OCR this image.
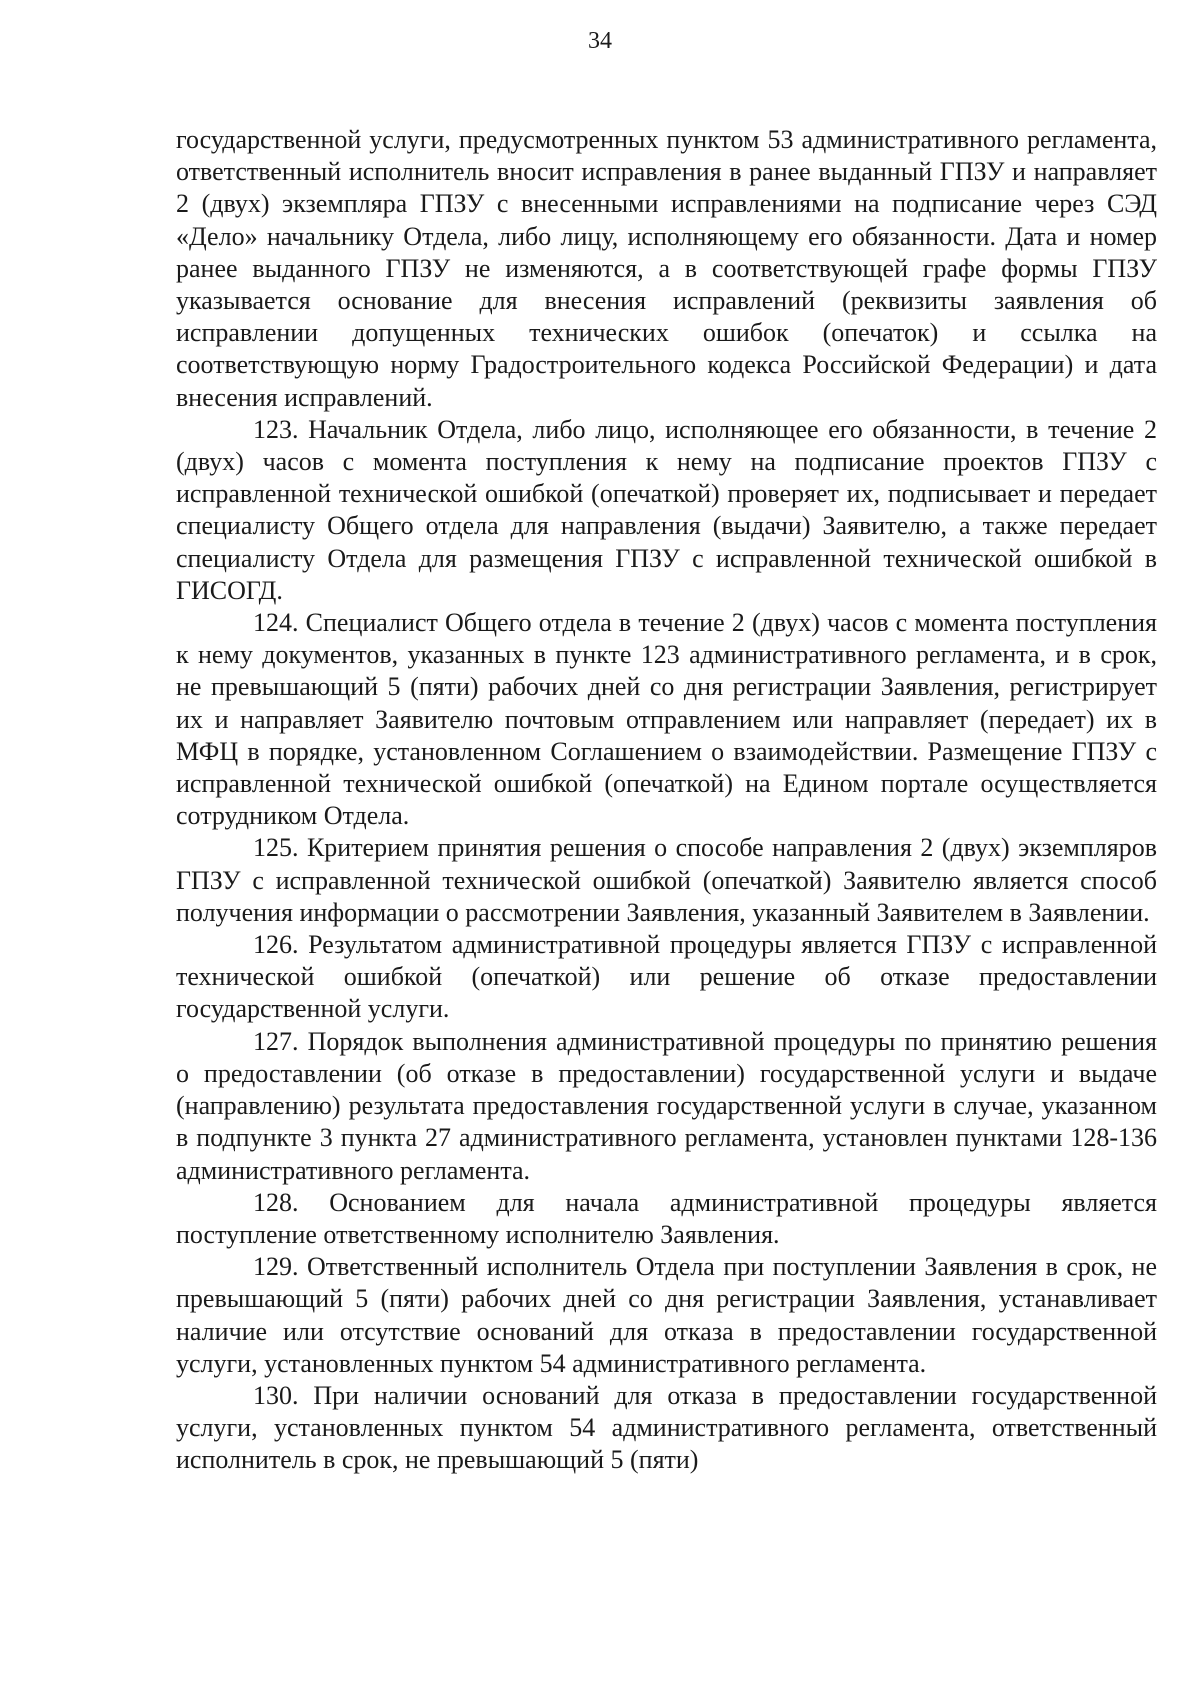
34

государственной услуги, предусмотренных пунктом 53 административного регламента, ответственный исполнитель вносит исправления в ранее выданный ГПЗУ и направляет 2 (двух) экземпляра ГПЗУ с внесенными исправлениями на подписание через СЭД «Дело» начальнику Отдела, либо лицу, исполняющему его обязанности. Дата и номер ранее выданного ГПЗУ не изменяются, а в соответствующей графе формы ГПЗУ указывается основание для внесения исправлений (реквизиты заявления об исправлении допущенных технических ошибок (опечаток) и ссылка на соответствующую норму Градостроительного кодекса Российской Федерации) и дата внесения исправлений.

123. Начальник Отдела, либо лицо, исполняющее его обязанности, в течение 2 (двух) часов с момента поступления к нему на подписание проектов ГПЗУ с исправленной технической ошибкой (опечаткой) проверяет их, подписывает и передает специалисту Общего отдела для направления (выдачи) Заявителю, а также передает специалисту Отдела для размещения ГПЗУ с исправленной технической ошибкой в ГИСОГД.

124. Специалист Общего отдела в течение 2 (двух) часов с момента поступления к нему документов, указанных в пункте 123 административного регламента, и в срок, не превышающий 5 (пяти) рабочих дней со дня регистрации Заявления, регистрирует их и направляет Заявителю почтовым отправлением или направляет (передает) их в МФЦ в порядке, установленном Соглашением о взаимодействии. Размещение ГПЗУ с исправленной технической ошибкой (опечаткой) на Едином портале осуществляется сотрудником Отдела.

125. Критерием принятия решения о способе направления 2 (двух) экземпляров ГПЗУ с исправленной технической ошибкой (опечаткой) Заявителю является способ получения информации о рассмотрении Заявления, указанный Заявителем в Заявлении.

126. Результатом административной процедуры является ГПЗУ с исправленной технической ошибкой (опечаткой) или решение об отказе предоставлении государственной услуги.

127. Порядок выполнения административной процедуры по принятию решения о предоставлении (об отказе в предоставлении) государственной услуги и выдаче (направлению) результата предоставления государственной услуги в случае, указанном в подпункте 3 пункта 27 административного регламента, установлен пунктами 128-136 административного регламента.

128. Основанием для начала административной процедуры является поступление ответственному исполнителю Заявления.

129. Ответственный исполнитель Отдела при поступлении Заявления в срок, не превышающий 5 (пяти) рабочих дней со дня регистрации Заявления, устанавливает наличие или отсутствие оснований для отказа в предоставлении государственной услуги, установленных пунктом 54 административного регламента.

130. При наличии оснований для отказа в предоставлении государственной услуги, установленных пунктом 54 административного регламента, ответственный исполнитель в срок, не превышающий 5 (пяти)
